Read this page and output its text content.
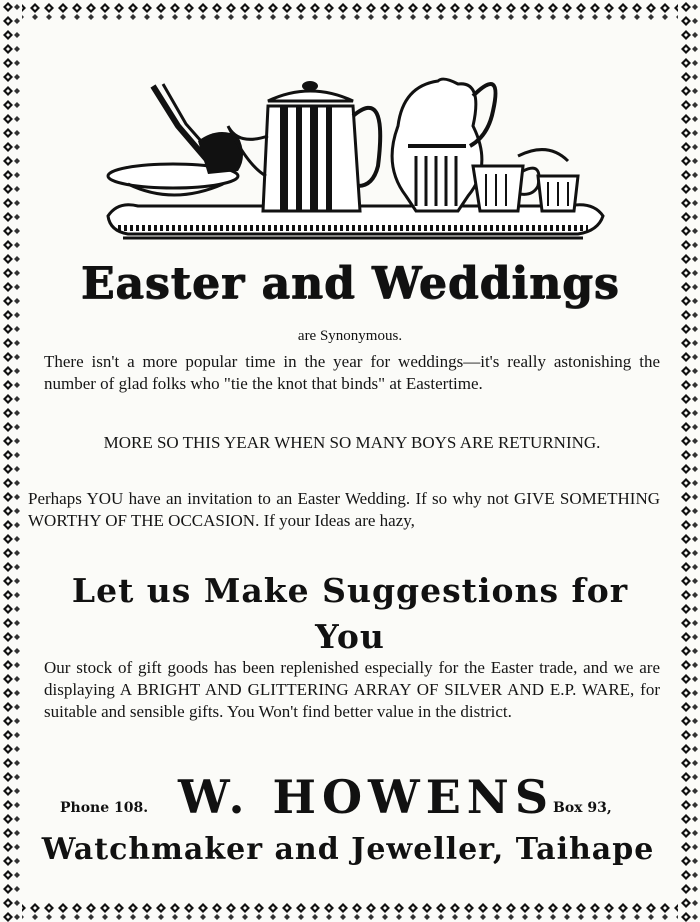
Easter and Weddings
are Synonymous.
There isn't a more popular time in the year for weddings—it's really astonishing the number of glad folks who "tie the knot that binds" at Eastertime.
MORE SO THIS YEAR WHEN SO MANY BOYS ARE RETURNING.
Perhaps YOU have an invitation to an Easter Wedding. If so why not GIVE SOMETHING WORTHY OF THE OCCASION. If your Ideas are hazy,
Let us Make Suggestions for You
Our stock of gift goods has been replenished especially for the Easter trade, and we are displaying A BRIGHT AND GLITTERING ARRAY OF SILVER AND E.P. WARE, for suitable and sensible gifts. You Won't find better value in the district.
Phone 108. W. HOWENS
Box 93,
Watchmaker and Jeweller, Taihape
